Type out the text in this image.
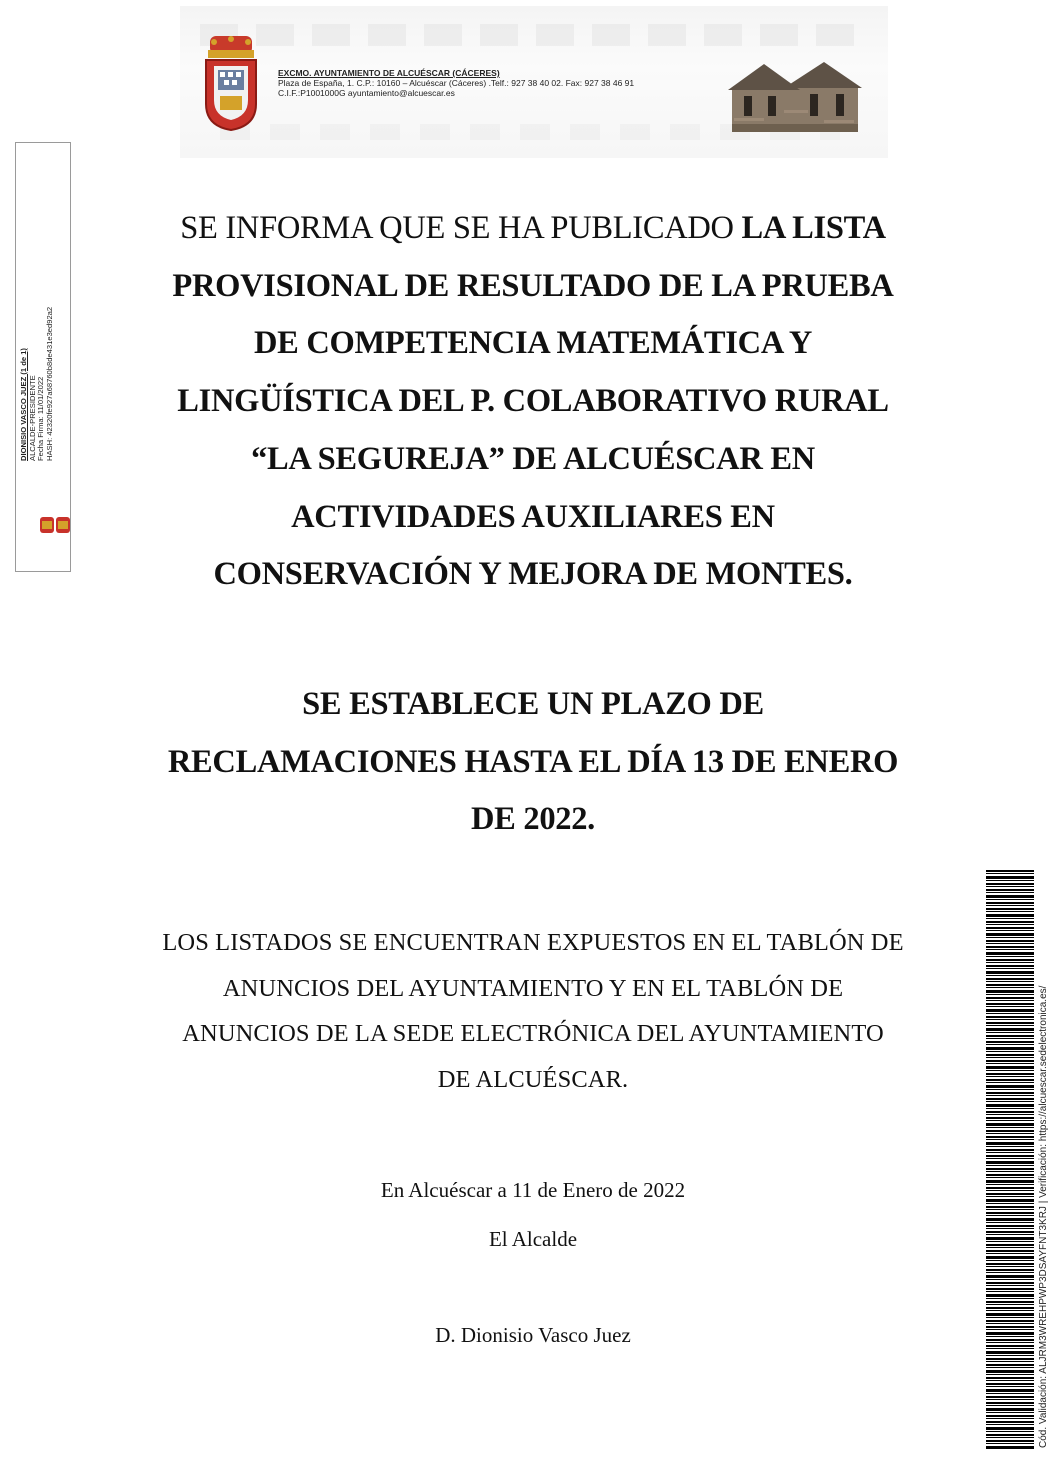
EXCMO. AYUNTAMIENTO DE ALCUÉSCAR (CÁCERES)
Plaza de España, 1. C.P.: 10160 – Alcuéscar (Cáceres) .Telf.: 927 38 40 02. Fax: 927 38 46 91
C.I.F.:P1001000G ayuntamiento@alcuescar.es
DIONISIO VASCO JUEZ (1 de 1) ALCALDE-PRESIDENTE Fecha Firma: 11/01/2022 HASH: 42320fe927a68760b8de431e3ed92a2
SE INFORMA QUE SE HA PUBLICADO LA LISTA
PROVISIONAL DE RESULTADO DE LA PRUEBA
DE COMPETENCIA MATEMÁTICA Y
LINGÜÍSTICA DEL P. COLABORATIVO RURAL
“LA SEGUREJA” DE ALCUÉSCAR EN
ACTIVIDADES AUXILIARES EN
CONSERVACIÓN Y MEJORA DE MONTES.
SE ESTABLECE UN PLAZO DE
RECLAMACIONES HASTA EL DÍA 13 DE ENERO
DE 2022.
LOS LISTADOS SE ENCUENTRAN EXPUESTOS EN EL TABLÓN DE
ANUNCIOS DEL AYUNTAMIENTO Y EN EL TABLÓN DE
ANUNCIOS DE LA SEDE ELECTRÓNICA DEL AYUNTAMIENTO
DE ALCUÉSCAR.
En Alcuéscar a 11 de Enero de 2022
El Alcalde
D. Dionisio Vasco Juez	Cód. Validación: ALJRM3WREHPWP3DSAYFNT3KRJ | Verificación: https://alcuescar.sedelectronica.es/
